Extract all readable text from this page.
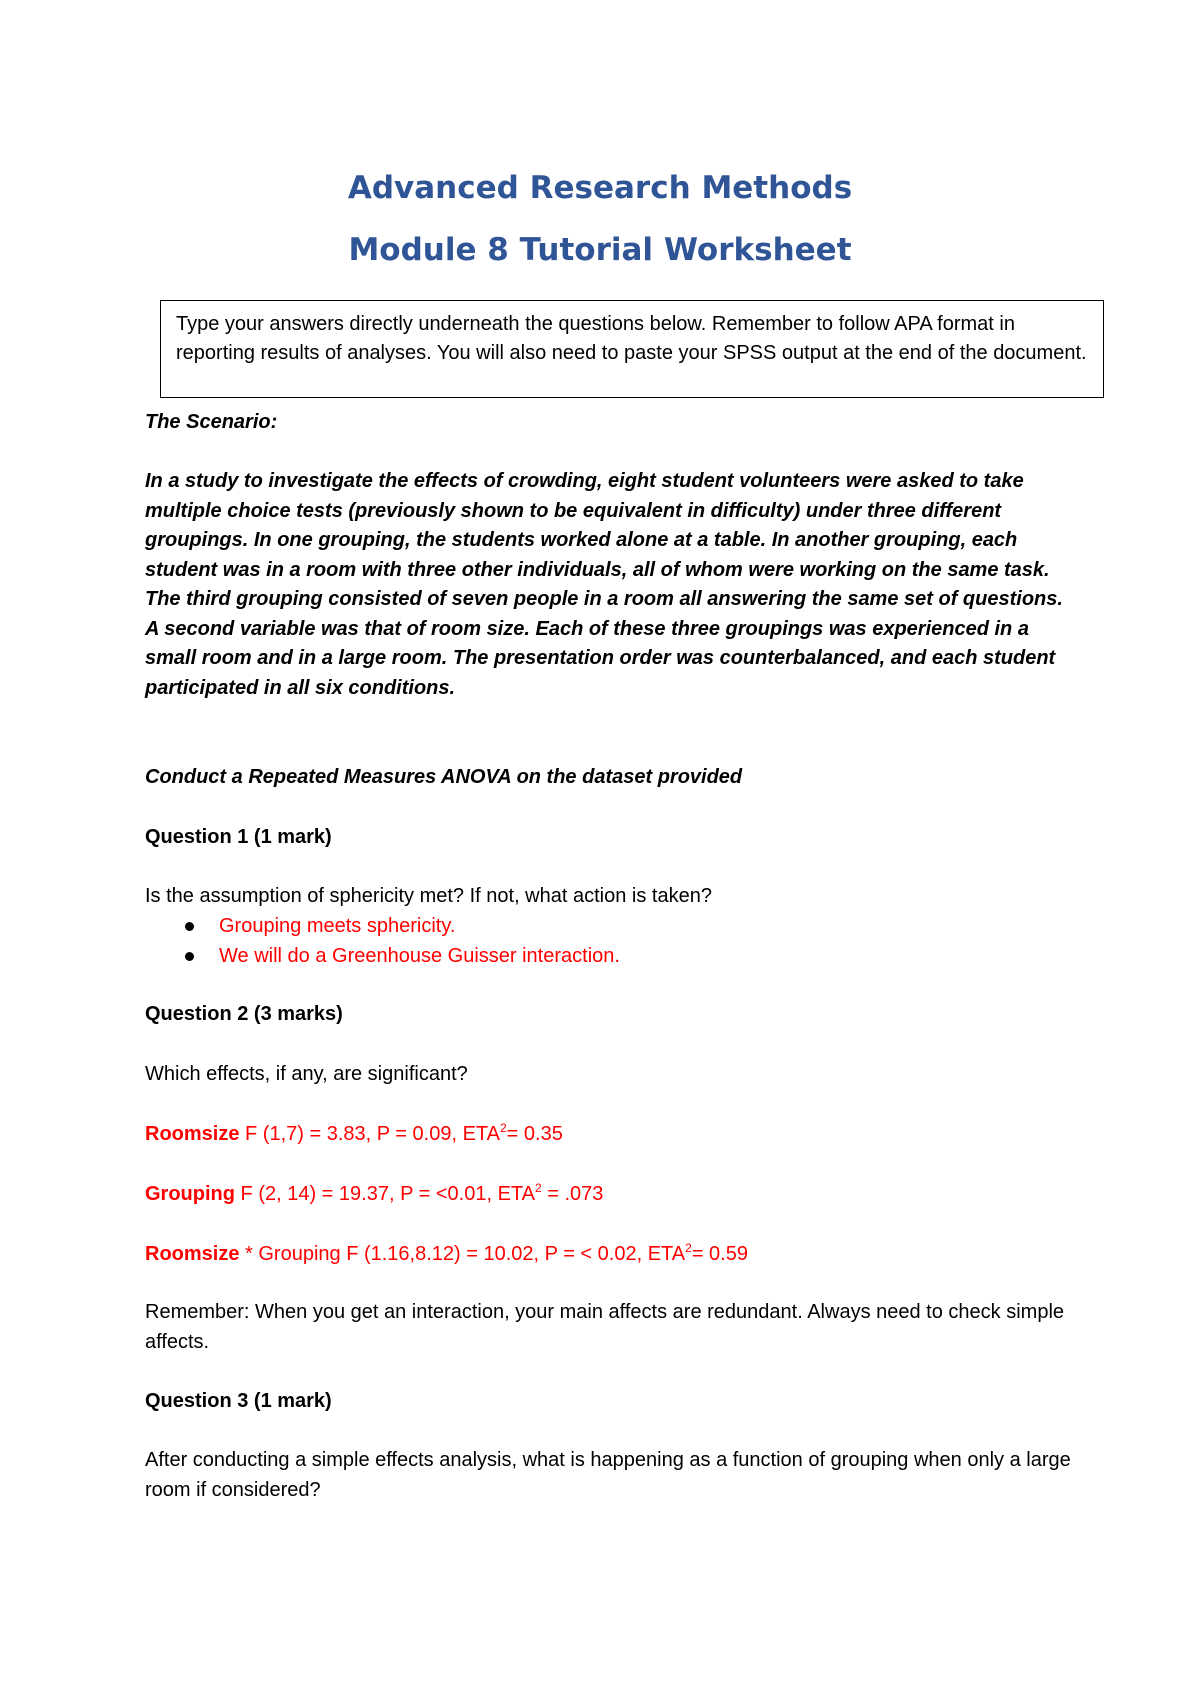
Advanced Research Methods
Module 8 Tutorial Worksheet
Type your answers directly underneath the questions below. Remember to follow APA format in reporting results of analyses. You will also need to paste your SPSS output at the end of the document.

The Scenario:

In a study to investigate the effects of crowding, eight student volunteers were asked to take multiple choice tests (previously shown to be equivalent in difficulty) under three different groupings. In one grouping, the students worked alone at a table. In another grouping, each student was in a room with three other individuals, all of whom were working on the same task. The third grouping consisted of seven people in a room all answering the same set of questions. A second variable was that of room size. Each of these three groupings was experienced in a small room and in a large room. The presentation order was counterbalanced, and each student participated in all six conditions.

Conduct a Repeated Measures ANOVA on the dataset provided

Question 1 (1 mark)

Is the assumption of sphericity met? If not, what action is taken?

Grouping meets sphericity.
We will do a Greenhouse Guisser interaction.

Question 2 (3 marks)

Which effects, if any, are significant?

Roomsize F (1,7) = 3.83, P = 0.09, $ETA^2= 0.35$

Grouping F (2, 14) = 19.37, P = <0.01, $ETA^2 = .073$

Roomsize * Grouping F (1.16,8.12) = 10.02, P = < 0.02, $ETA^2= 0.59$

Remember: When you get an interaction, your main affects are redundant. Always need to check simple affects.

Question 3 (1 mark)

After conducting a simple effects analysis, what is happening as a function of grouping when only a large room if considered?
